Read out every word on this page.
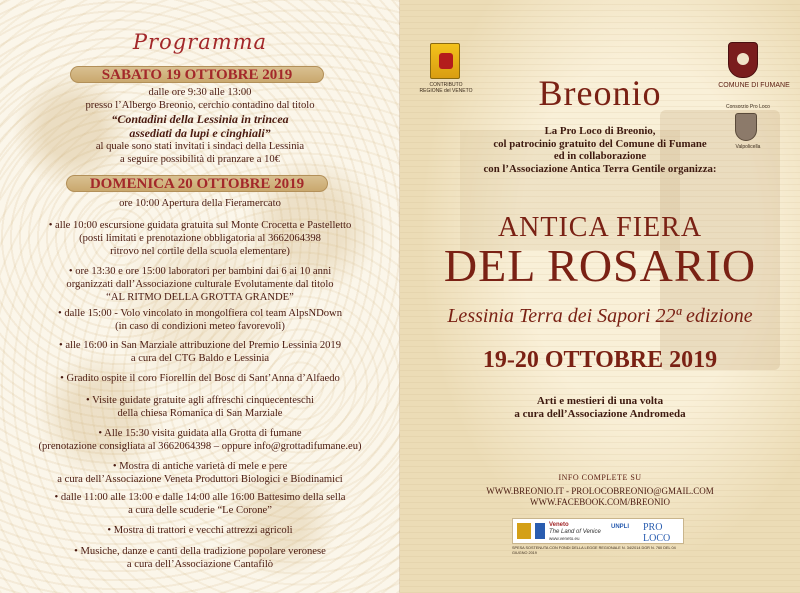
Programma
SABATO 19 OTTOBRE 2019
dalle ore 9:30 alle 13:00
presso l’Albergo Breonio, cerchio contadino dal titolo
“Contadini della Lessinia in trincea
assediati da lupi e cinghiali”
al quale sono stati invitati i sindaci della Lessinia
a seguire possibilità di pranzare a 10€
DOMENICA 20 OTTOBRE 2019
ore 10:00 Apertura della Fieramercato
• alle 10:00 escursione guidata gratuita sul Monte Crocetta e Pastelletto
(posti limitati e prenotazione obbligatoria al 3662064398
ritrovo nel cortile della scuola elementare)
• ore 13:30 e ore 15:00 laboratori per bambini dai 6 ai 10 anni
organizzati dall’Associazione culturale Evolutamente dal titolo
“AL RITMO DELLA GROTTA GRANDE”
• dalle 15:00 - Volo vincolato in mongolfiera col team AlpsNDown
(in caso di condizioni meteo favorevoli)
• alle 16:00 in San Marziale attribuzione del Premio Lessinia 2019
a cura del CTG Baldo e Lessinia
• Gradito ospite il coro Fiorellin del Bosc di Sant’Anna d’Alfaedo
• Visite guidate gratuite agli affreschi cinquecenteschi
della chiesa Romanica di San Marziale
• Alle 15:30 visita guidata alla Grotta di fumane
(prenotazione consigliata al 3662064398 – oppure info@grottadifumane.eu)
• Mostra di antiche varietà di mele e pere
a cura dell’Associazione Veneta Produttori Biologici e Biodinamici
• dalle 11:00 alle 13:00 e dalle 14:00 alle 16:00 Battesimo della sella
a cura delle scuderie “Le Corone”
• Mostra di trattori e vecchi attrezzi agricoli
• Musiche, danze e canti della tradizione popolare veronese
a cura dell’Associazione Cantafilò
CONTRIBUTO REGIONE del VENETO
COMUNE DI FUMANE
Consorzio Pro Loco
Valpolicella
Breonio
La Pro Loco di Breonio,
col patrocinio gratuito del Comune di Fumane
ed in collaborazione
con l’Associazione Antica Terra Gentile organizza:
ANTICA FIERA
DEL ROSARIO
Lessinia Terra dei Sapori 22ª edizione
19-20 OTTOBRE 2019
Arti e mestieri di una volta
a cura dell’Associazione Andromeda
INFO COMPLETE SU
WWW.BREONIO.IT - PROLOCOBREONIO@GMAIL.COM
WWW.FACEBOOK.COM/BREONIO
Veneto
The Land of Venice
UNPLI PRO LOCO
www.veneto.eu
SPESA SOSTENUTA CON FONDI DELLA LEGGE REGIONALE N. 34/2014 DGR N. 760 DEL 04 GIUGNO 2019
